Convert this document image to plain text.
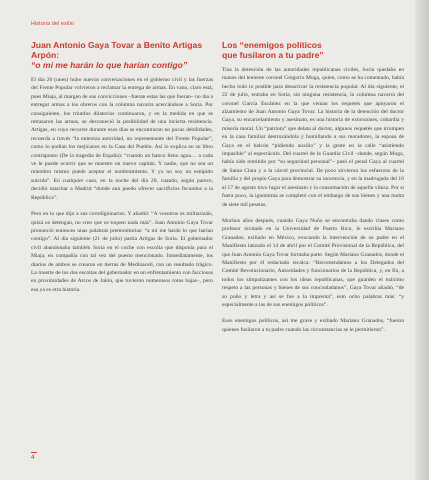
Historia del exilio
Juan Antonio Gaya Tovar a Benito Artigas Arpón:
“o mi me harán lo que harían contigo”

El día 20 (unes) hubo nuevas conversaciones en el gobierno civil y las fuerzas del Frente Popular volvieron a reclamar la entrega de armas. En vano, claro está, pues Miaja, al margen de sus convicciones –fueran estas las que fueran– no iba a entregar armas a los obreros con la columna navarra acercándose a Soria. Por consiguiente, los triunfos dilatorios continuaron, y en la medida en que se retrasaron las armas, se desvaneció la posibilidad de una incierta resistencia. Artigas, en cuyo recorrer durante esos días se encontraron no pocas debilidades, recuerda a través “la entereza autoridad, un representante del Frente Popular”, como lo podían los mejicanos en la Casa del Pueblo. Así lo explica en su libro contrapunto (De la tragedia de España): “cuando un banco lleno agua… a cada ve le puede ocurrir que se muestre un nuevo capitán. Y nadie, que no sea un miembro mismo puede aceptar el nombramiento. Y yo no soy un estúpido suicida”. En cualquier caso, en la noche del día 20, cuando, según parece, decidió marchar a Madrid “donde aun puedo ofrecer sacrificios fecundos a la República”.

Pero en lo que dijo a sus correligionarios. Y añadió: “A vosotros os militarizáis, quizá os detengan, no creo que os toquen nada más”. Juan Antonio Gaya Tovar pronunció entonces unas palabras premonitorias: “a mí me harán lo que harían contigo”. Al día siguiente (21 de julio) partía Artigas de Soria. El gobernador civil abandonaba también Soria en el coche con escolta que disponía para el Miaja, en compañía con tal vez del puesto mencionado. Inmediatamente, los diarios de ambos se crearon en tierras de Medinaceli, con un resultado trágico. La muerte de los dos escoltas del gobernador en un enfrentamiento con facciosos en proximidades de Arcos de Jalón, que tuvieron numerosos rotos bajas–, pero esa ya es otra historia.

Los “enemigos políticos
que fusilaron a tu padre”

Tras la detención de las autoridades republicanas civiles, Soria quedaba en manos del teniente coronel Gregorio Muga, quien, como se ha comentado, había hecho todo lo posible para desactivar la resistencia popular. Al día siguiente, el 22 de julio, entraba en Soria, sin ninguna resistencia, la columna navarra del coronel García Escámez en la que venían los requetés que apoyaron el alzamiento de Juan Antonio Gaya Tovar. La historia de la detención del doctor Gaya, su encarcelamiento y asesinato, es una historia de extorsiones, cobardía y miseria moral. Un “patriota” que delata al doctor, algunos requetés que irrumpen en la casa familiar destrozándola y humillando a sus moradores, la esposa de Gaya en el balcón “pidiendo auxilio” y la gente en la calle “asistiendo impasible” al espectáculo. Del cuartel de la Guardia Civil –donde, según Muga, había sido remitido por “su seguridad personal”– pasó el penal Gaya al cuartel de Santa Clara y a la cárcel provincial. De poco sirvieron los esfuerzos de la familia y del propio Gaya para demostrar su inocencia, y en la madrugada del 16 al 17 de agosto tuvo lugar el asesinato y la consumación de aquella vileza. Por si fuera poco, la ignominia se completó con el embargo de sus bienes y una multa de siete mil pesetas.

Muchos años después, cuando Gaya Nuño se encontraba dando clases como profesor invitado en la Universidad de Puerto Rico, le escribía Mariano Granados, exiliado en México, evocando la intervención de su padre en el Manifiesto lanzado el 14 de abril por el Comité Provisional de la República, del que Juan Antonio Gaya Tovar formaba parte. Según Mariano Granados, donde el Manifiesto por él redactado recalca: “Recomendamos a los Delegados del Comité Revolucionario, Autoridades y funcionarios de la República, y, en fin, a todos los simpatizantes con los ideas republicanas, que guarden el máximo respeto a las personas y bienes de sus conciudadanos”, Gaya Tovar añadió, “de su puño y letra y así se fue a la imprenta”, esto ocho palabras más: “y especialmente a las de sus enemigos políticos”.

Esos enemigos políticos, así me grave y exiliado Mariano Granados, “fueron quienes fusilaron a tu padre cuando las circunstancias se le permitieron”.

4
